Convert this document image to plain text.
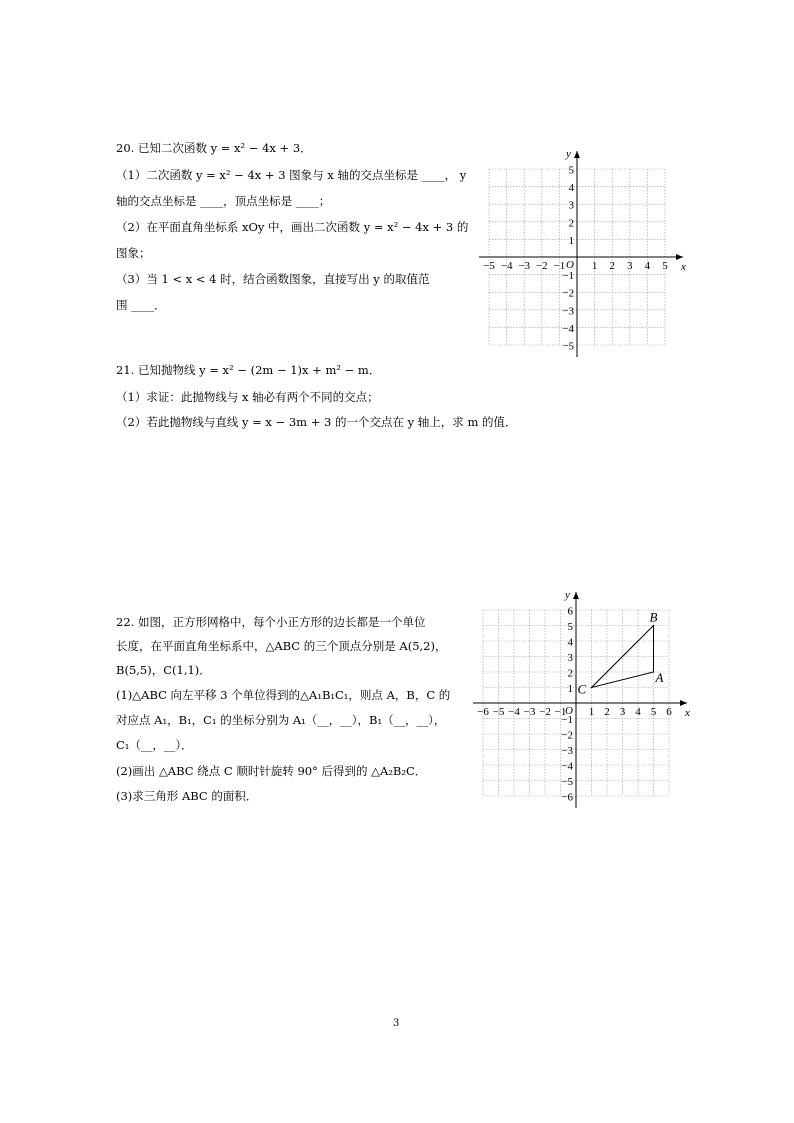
20. 已知二次函数 y = x² − 4x + 3．
（1）二次函数 y = x² − 4x + 3 图象与 x 轴的交点坐标是 ____， y
轴的交点坐标是 ____，顶点坐标是 ____；
（2）在平面直角坐标系 xOy 中，画出二次函数 y = x² − 4x + 3 的
图象；
（3）当 1 < x < 4 时，结合函数图象，直接写出 y 的取值范
围 ____．
x
y
O
−5 −4 −3 −2 −1 1 2 3 4 5
5
4
3
2
1
−1
−2
−3
−4
−5
21. 已知抛物线 y = x² − (2m − 1)x + m² − m．
（1）求证：此抛物线与 x 轴必有两个不同的交点；
（2）若此抛物线与直线 y = x − 3m + 3 的一个交点在 y 轴上，求 m 的值．
22. 如图，正方形网格中，每个小正方形的边长都是一个单位
长度，在平面直角坐标系中，△ABC 的三个顶点分别是 A(5,2)，
B(5,5)，C(1,1)．
(1)△ABC 向左平移 3 个单位得到的△A₁B₁C₁，则点 A，B，C 的
对应点 A₁，B₁，C₁ 的坐标分别为 A₁（__，__），B₁（__，__），
C₁（__，__）．
(2)画出 △ABC 绕点 C 顺时针旋转 90° 后得到的 △A₂B₂C．
(3)求三角形 ABC 的面积．
x
y
O
−6 −5 −4 −3 −2 −1 1 2 3 4 5 6
6
5
4
3
2
1
−1
−2
−3
−4
−5
−6
A
B
C
3
